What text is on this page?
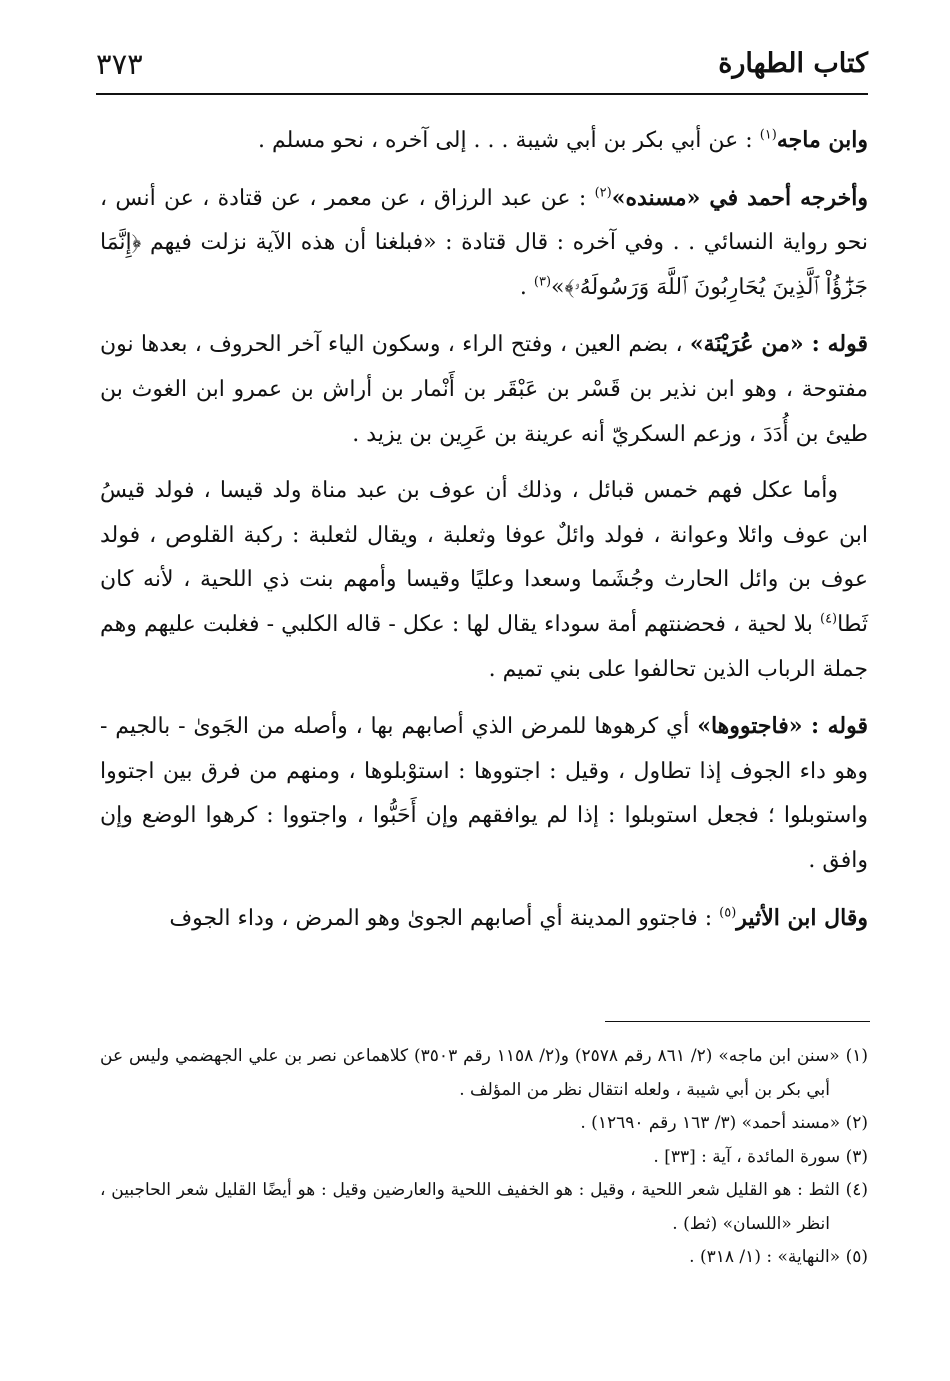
كتاب الطهارة
٣٧٣

وابن ماجه$^{(١)}$ : عن أبي بكر بن أبي شيبة . . . إلى آخره ، نحو مسلم .

وأخرجه أحمد في «مسنده»$^{(٢)}$ : عن عبد الرزاق ، عن معمر ، عن قتادة ، عن أنس ، نحو رواية النسائي . . وفي آخره : قال قتادة : «فبلغنا أن هذه الآية نزلت فيهم ﴿إِنَّمَا جَزَٰٓؤُاْ ٱلَّذِينَ يُحَارِبُونَ ٱللَّهَ وَرَسُولَهُۥ﴾»$^{(٣)}$ .

قوله : «من عُرَيْنَة» ، بضم العين ، وفتح الراء ، وسكون الياء آخر الحروف ، بعدها نون مفتوحة ، وهو ابن نذير بن قَسْر بن عَبْقَر بن أَنْمار بن أراش بن عمرو ابن الغوث بن طيئ بن أُدَدَ ، وزعم السكريّ أنه عرينة بن عَرِين بن يزيد .

وأما عكل فهم خمس قبائل ، وذلك أن عوف بن عبد مناة ولد قيسا ، فولد قيسُ ابن عوف وائلا وعوانة ، فولد وائلٌ عوفا وثعلبة ، ويقال لثعلبة : ركبة القلوص ، فولد عوف بن وائل الحارث وجُشَما وسعدا وعليًا وقيسا وأمهم بنت ذي اللحية ، لأنه كان ثَطا$^{(٤)}$ بلا لحية ، فحضنتهم أمة سوداء يقال لها : عكل - قاله الكلبي - فغلبت عليهم وهم جملة الرباب الذين تحالفوا على بني تميم .

قوله : «فاجتووها» أي كرهوها للمرض الذي أصابهم بها ، وأصله من الجَوىٰ - بالجيم - وهو داء الجوف إذا تطاول ، وقيل : اجتووها : استوْبلوها ، ومنهم من فرق بين اجتووا واستوبلوا ؛ فجعل استوبلوا : إذا لم يوافقهم وإن أَحَبُّوا ، واجتووا : كرهوا الوضع وإن وافق .

وقال ابن الأثير$^{(٥)}$ : فاجتوو المدينة أي أصابهم الجوىٰ وهو المرض ، وداء الجوف

(١) «سنن ابن ماجه» (٢/ ٨٦١ رقم ٢٥٧٨) و(٢/ ١١٥٨ رقم ٣٥٠٣) كلاهماعن نصر بن علي الجهضمي وليس عن أبي بكر بن أبي شيبة ، ولعله انتقال نظر من المؤلف .

(٢) «مسند أحمد» (٣/ ١٦٣ رقم ١٢٦٩٠) .

(٣) سورة المائدة ، آية : [٣٣] .

(٤) الثط : هو القليل شعر اللحية ، وقيل : هو الخفيف اللحية والعارضين وقيل : هو أيضًا القليل شعر الحاجبين ، انظر «اللسان» (ثط) .

(٥) «النهاية» : (١/ ٣١٨) .
